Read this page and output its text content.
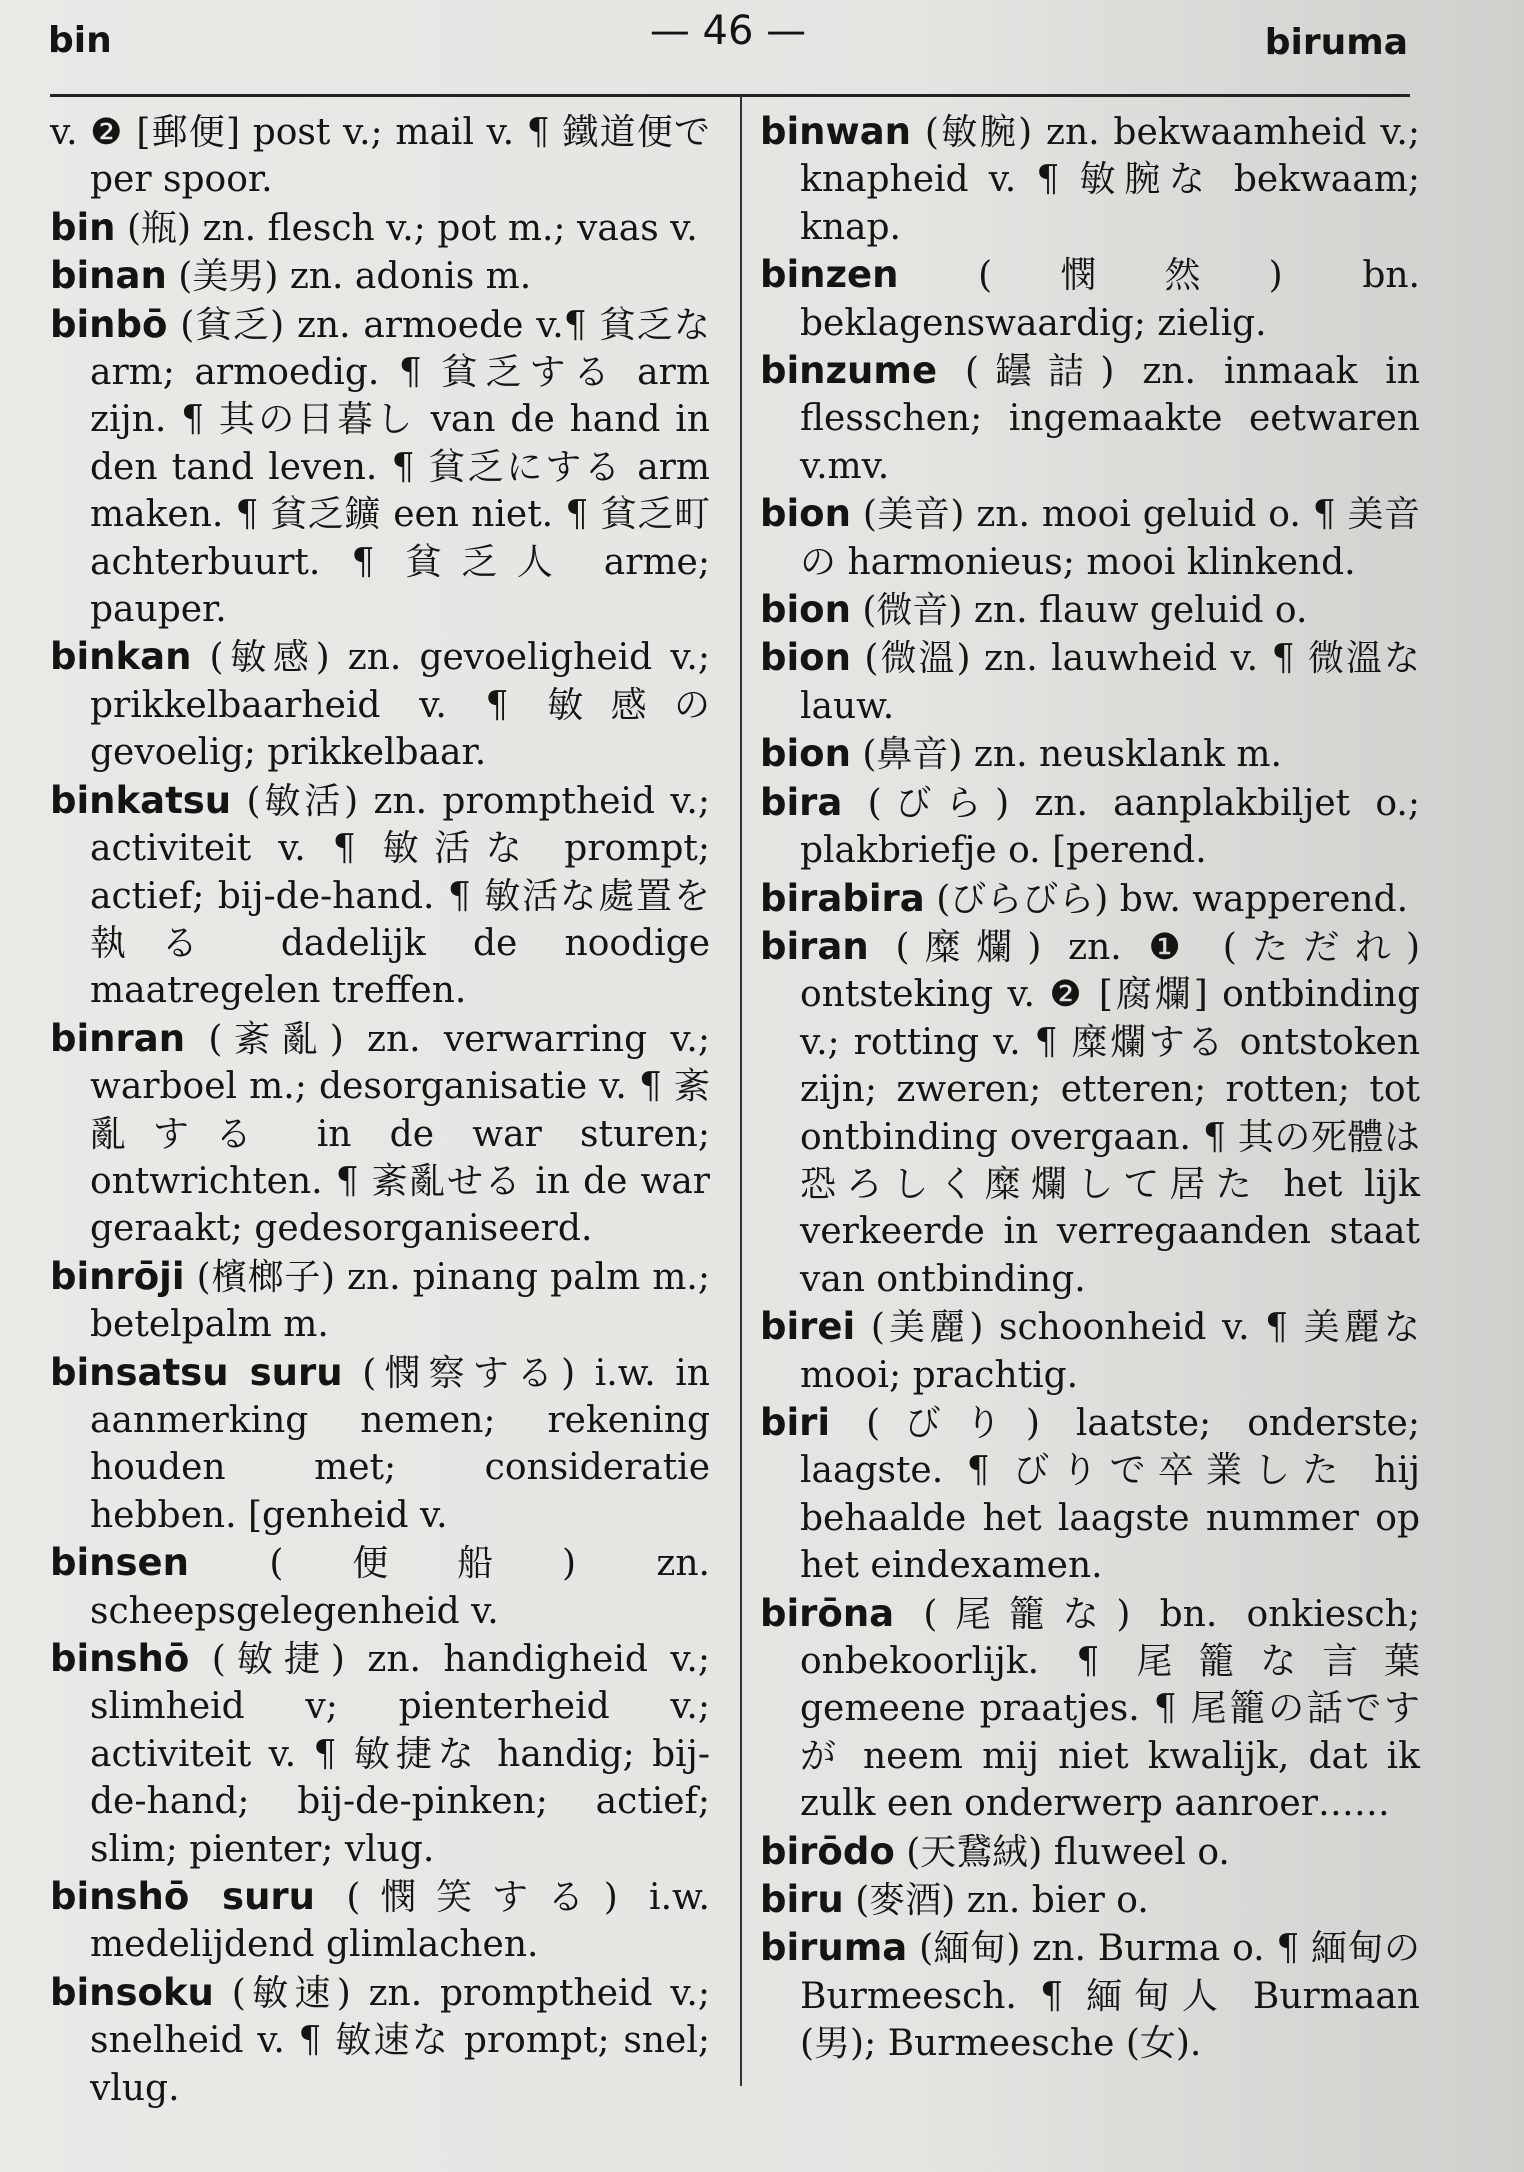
bin	— 46 —	biruma

v. ❷ [郵便] post v.; mail v. ¶ 鐵道便で per spoor.

bin (瓶) zn. flesch v.; pot m.; vaas v.

binan (美男) zn. adonis m.

binbō (貧乏) zn. armoede v.¶ 貧乏な arm; armoedig. ¶ 貧乏する arm zijn. ¶ 其の日暮し van de hand in den tand leven. ¶ 貧乏にする arm maken. ¶ 貧乏鑛 een niet. ¶ 貧乏町 achterbuurt. ¶ 貧乏人 arme; pauper.

binkan (敏感) zn. gevoeligheid v.; prikkelbaarheid v. ¶ 敏感の gevoelig; prikkelbaar.

binkatsu (敏活) zn. promptheid v.; activiteit v. ¶ 敏活な prompt; actief; bij-de-hand. ¶ 敏活な處置を執る dadelijk de noodige maatregelen treffen.

binran (紊亂) zn. verwarring v.; warboel m.; desorganisatie v. ¶ 紊亂する in de war sturen; ontwrichten. ¶ 紊亂せる in de war geraakt; gedesorganiseerd.

binrōji (檳榔子) zn. pinang palm m.; betelpalm m.

binsatsu suru (憫察する) i.w. in aanmerking nemen; rekening houden met; consideratie hebben. [genheid v.

binsen (便船) zn. scheepsgelegenheid v.

binshō (敏捷) zn. handigheid v.; slimheid v; pienterheid v.; activiteit v. ¶ 敏捷な handig; bij-de-hand; bij-de-pinken; actief; slim; pienter; vlug.

binshō suru (憫笑する) i.w. medelijdend glimlachen.

binsoku (敏速) zn. promptheid v.; snelheid v. ¶ 敏速な prompt; snel; vlug.

binwan (敏腕) zn. bekwaamheid v.; knapheid v. ¶ 敏腕な bekwaam; knap.

binzen (憫然) bn. beklagenswaardig; zielig.

binzume (罎詰) zn. inmaak in flesschen; ingemaakte eetwaren v.mv.

bion (美音) zn. mooi geluid o. ¶ 美音の harmonieus; mooi klinkend.

bion (微音) zn. flauw geluid o.

bion (微溫) zn. lauwheid v. ¶ 微溫な lauw.

bion (鼻音) zn. neusklank m.

bira (びら) zn. aanplakbiljet o.; plakbriefje o. [perend.

birabira (びらびら) bw. wapperend.

biran (糜爛) zn. ❶ (ただれ) ontsteking v. ❷ [腐爛] ontbinding v.; rotting v. ¶ 糜爛する ontstoken zijn; zweren; etteren; rotten; tot ontbinding overgaan. ¶ 其の死體は恐ろしく糜爛して居た het lijk verkeerde in verregaanden staat van ontbinding.

birei (美麗) schoonheid v. ¶ 美麗な mooi; prachtig.

biri (びり) laatste; onderste; laagste. ¶ びりで卒業した hij behaalde het laagste nummer op het eindexamen.

birōna (尾籠な) bn. onkiesch; onbekoorlijk. ¶ 尾籠な言葉 gemeene praatjes. ¶ 尾籠の話ですが neem mij niet kwalijk, dat ik zulk een onderwerp aanroer……

birōdo (天鵞絨) fluweel o.

biru (麥酒) zn. bier o.

biruma (緬甸) zn. Burma o. ¶ 緬甸の Burmeesch. ¶ 緬甸人 Burmaan (男); Burmeesche (女).
